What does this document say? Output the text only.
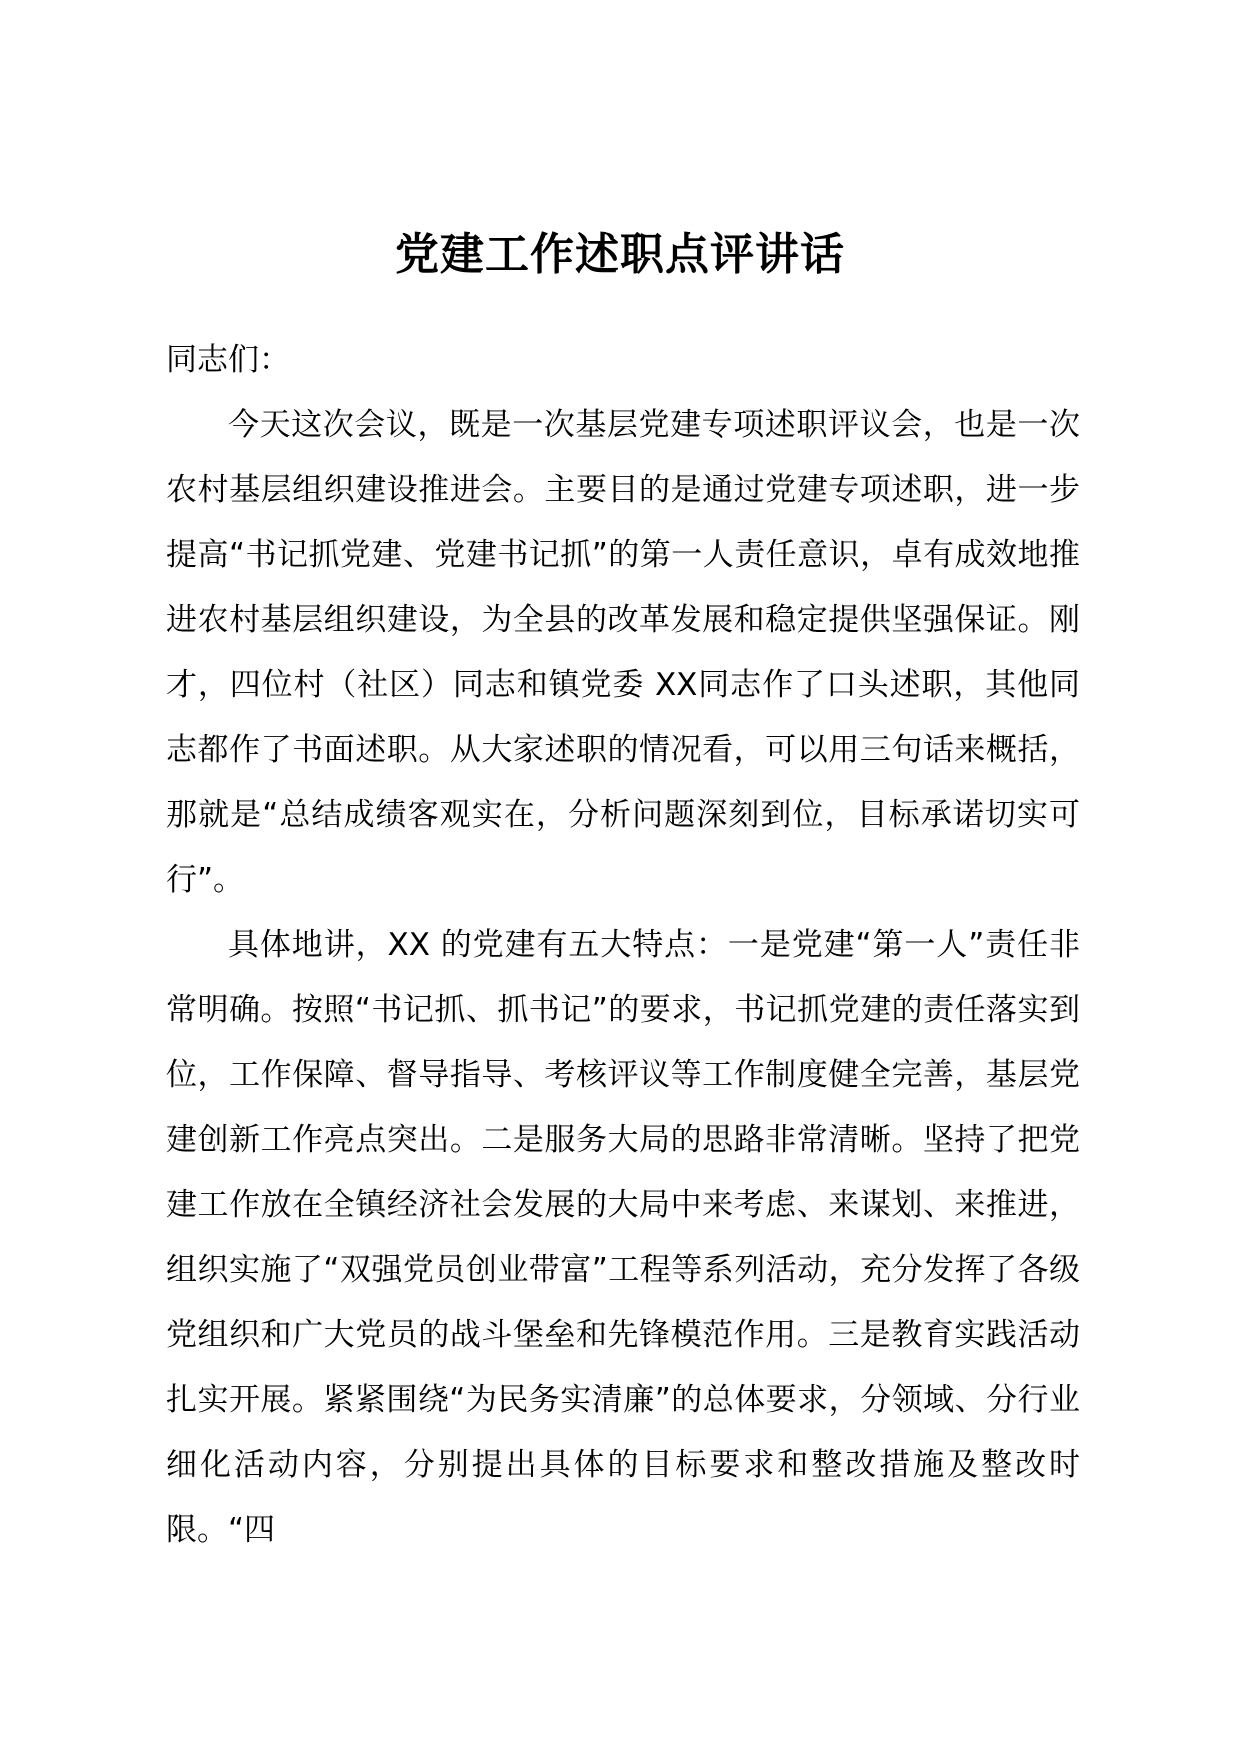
党建工作述职点评讲话

同志们：

今天这次会议，既是一次基层党建专项述职评议会，也是一次农村基层组织建设推进会。主要目的是通过党建专项述职，进一步提高“书记抓党建、党建书记抓”的第一人责任意识，卓有成效地推进农村基层组织建设，为全县的改革发展和稳定提供坚强保证。刚才，四位村（社区）同志和镇党委 XX同志作了口头述职，其他同志都作了书面述职。从大家述职的情况看，可以用三句话来概括，那就是“总结成绩客观实在，分析问题深刻到位，目标承诺切实可行”。

具体地讲，XX 的党建有五大特点：一是党建“第一人”责任非常明确。按照“书记抓、抓书记”的要求，书记抓党建的责任落实到位，工作保障、督导指导、考核评议等工作制度健全完善，基层党建创新工作亮点突出。二是服务大局的思路非常清晰。坚持了把党建工作放在全镇经济社会发展的大局中来考虑、来谋划、来推进，组织实施了“双强党员创业带富”工程等系列活动，充分发挥了各级党组织和广大党员的战斗堡垒和先锋模范作用。三是教育实践活动扎实开展。紧紧围绕“为民务实清廉”的总体要求，分领域、分行业细化活动内容，分别提出具体的目标要求和整改措施及整改时限。“四
